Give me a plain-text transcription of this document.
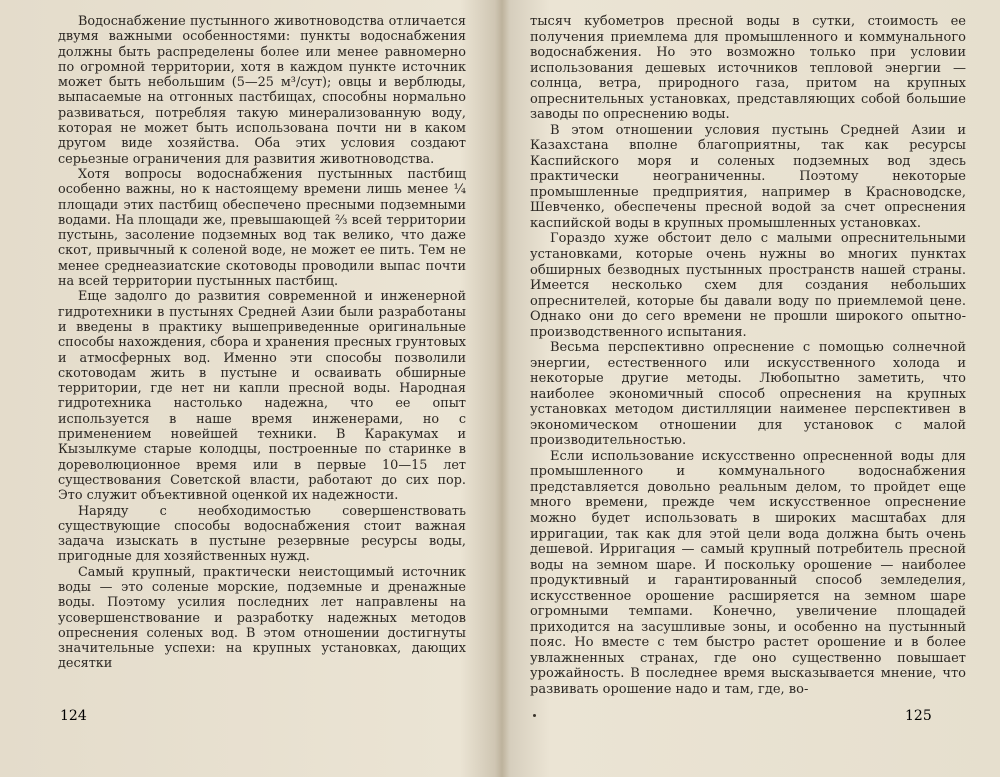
Водоснабжение пустынного животноводства отличается двумя важными особенностями: пункты водоснабжения должны быть распределены более или менее равномерно по огромной территории, хотя в каждом пункте источник может быть небольшим (5—25 м³/сут); овцы и верблюды, выпасаемые на отгонных пастбищах, способны нормально развиваться, потребляя такую минерализованную воду, которая не может быть использована почти ни в каком другом виде хозяйства. Оба этих условия создают серьезные ограничения для развития животноводства.

Хотя вопросы водоснабжения пустынных пастбищ особенно важны, но к настоящему времени лишь менее ¼ площади этих пастбищ обеспечено пресными подземными водами. На площади же, превышающей ⅔ всей территории пустынь, засоление подземных вод так велико, что даже скот, привычный к соленой воде, не может ее пить. Тем не менее среднеазиатские скотоводы проводили выпас почти на всей территории пустынных пастбищ.

Еще задолго до развития современной и инженерной гидротехники в пустынях Средней Азии были разработаны и введены в практику вышеприведенные оригинальные способы нахождения, сбора и хранения пресных грунтовых и атмосферных вод. Именно эти способы позволили скотоводам жить в пустыне и осваивать обширные территории, где нет ни капли пресной воды. Народная гидротехника настолько надежна, что ее опыт используется в наше время инженерами, но с применением новейшей техники. В Каракумах и Кызылкуме старые колодцы, построенные по старинке в дореволюционное время или в первые 10—15 лет существования Советской власти, работают до сих пор. Это служит объективной оценкой их надежности.

Наряду с необходимостью совершенствовать существующие способы водоснабжения стоит важная задача изыскать в пустыне резервные ресурсы воды, пригодные для хозяйственных нужд.

Самый крупный, практически неистощимый источник воды — это соленые морские, подземные и дренажные воды. Поэтому усилия последних лет направлены на усовершенствование и разработку надежных методов опреснения соленых вод. В этом отношении достигнуты значительные успехи: на крупных установках, дающих десятки

тысяч кубометров пресной воды в сутки, стоимость ее получения приемлема для промышленного и коммунального водоснабжения. Но это возможно только при условии использования дешевых источников тепловой энергии — солнца, ветра, природного газа, притом на крупных опреснительных установках, представляющих собой большие заводы по опреснению воды.

В этом отношении условия пустынь Средней Азии и Казахстана вполне благоприятны, так как ресурсы Каспийского моря и соленых подземных вод здесь практически неограниченны. Поэтому некоторые промышленные предприятия, например в Красноводске, Шевченко, обеспечены пресной водой за счет опреснения каспийской воды в крупных промышленных установках.

Гораздо хуже обстоит дело с малыми опреснительными установками, которые очень нужны во многих пунктах обширных безводных пустынных пространств нашей страны. Имеется несколько схем для создания небольших опреснителей, которые бы давали воду по приемлемой цене. Однако они до сего времени не прошли широкого опытно-производственного испытания.

Весьма перспективно опреснение с помощью солнечной энергии, естественного или искусственного холода и некоторые другие методы. Любопытно заметить, что наиболее экономичный способ опреснения на крупных установках методом дистилляции наименее перспективен в экономическом отношении для установок с малой производительностью.

Если использование искусственно опресненной воды для промышленного и коммунального водоснабжения представляется довольно реальным делом, то пройдет еще много времени, прежде чем искусственное опреснение можно будет использовать в широких масштабах для ирригации, так как для этой цели вода должна быть очень дешевой. Ирригация — самый крупный потребитель пресной воды на земном шаре. И поскольку орошение — наиболее продуктивный и гарантированный способ земледелия, искусственное орошение расширяется на земном шаре огромными темпами. Конечно, увеличение площадей приходится на засушливые зоны, и особенно на пустынный пояс. Но вместе с тем быстро растет орошение и в более увлажненных странах, где оно существенно повышает урожайность. В последнее время высказывается мнение, что развивать орошение надо и там, где, во-

124	125
